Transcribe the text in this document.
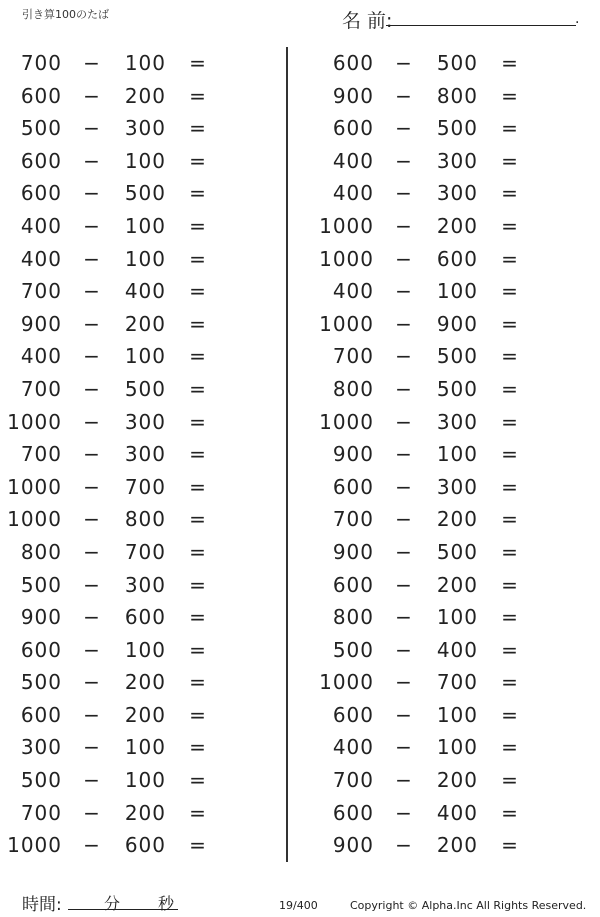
引き算100のたば	名 前:	.
700 −	100 =
600 −	200 =
500 −	300 =
600 −	100 =
600 −	500 =
400 −	100 =
400 −	100 =
700 −	400 =
900 −	200 =
400 −	100 =
700 −	500 =
1000 −	300 =
700 −	300 =
1000 −	700 =
1000 −	800 =
800 −	700 =
500 −	300 =
900 −	600 =
600 −	100 =
500 −	200 =
600 −	200 =
300 −	100 =
500 −	100 =
700 −	200 =
1000 −	600 =
600 −	500 =
900 −	800 =
600 −	500 =
400 −	300 =
400 −	300 =
1000 −	200 =
1000 −	600 =
400 −	100 =
1000 −	900 =
700 −	500 =
800 −	500 =
1000 −	300 =
900 −	100 =
600 −	300 =
700 −	200 =
900 −	500 =
600 −	200 =
800 −	100 =
500 −	400 =
1000 −	700 =
600 −	100 =
400 −	100 =
700 −	200 =
600 −	400 =
900 −	200 =
時間:	分 秒	19/400	Copyright © Alpha.Inc All Rights Reserved.
